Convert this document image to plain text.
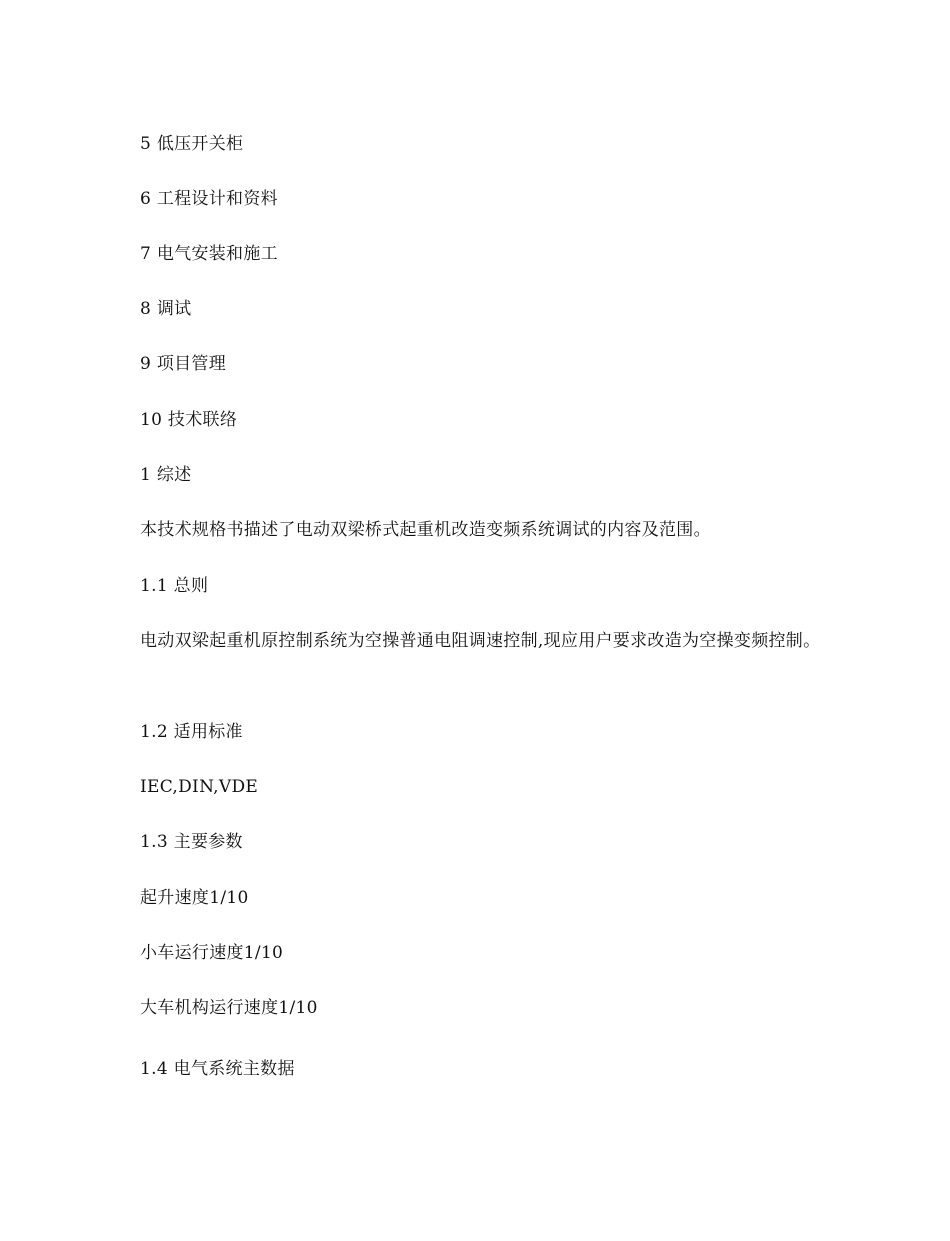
5 低压开关柜
6 工程设计和资料
7 电气安装和施工
8 调试
9 项目管理
10 技术联络
1 综述
本技术规格书描述了电动双梁桥式起重机改造变频系统调试的内容及范围。
1.1 总则
电动双梁起重机原控制系统为空操普通电阻调速控制,现应用户要求改造为空操变频控制。
1.2 适用标准
IEC,DIN,VDE
1.3 主要参数
起升速度1/10
小车运行速度1/10
大车机构运行速度1/10
1.4 电气系统主数据
